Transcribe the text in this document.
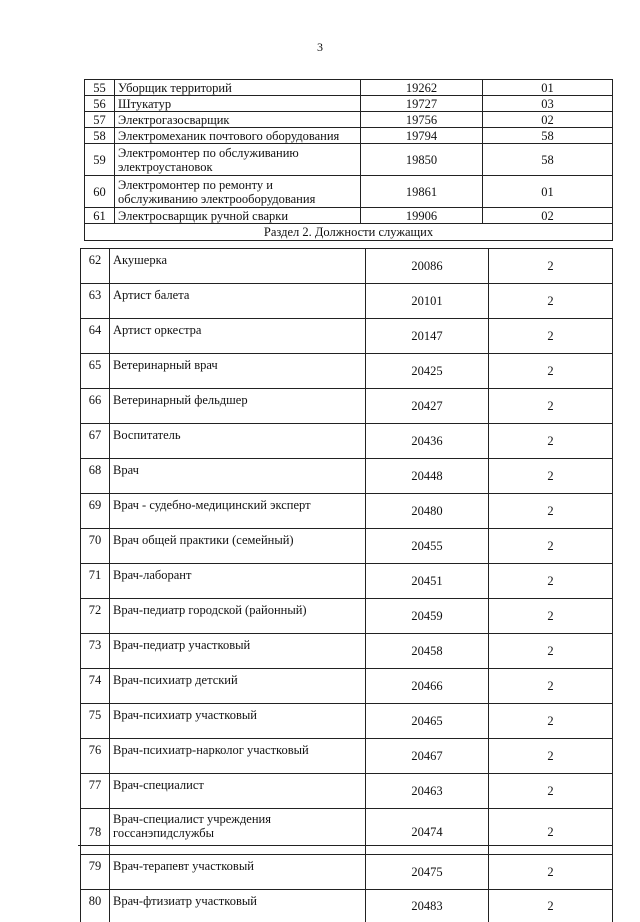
3
55	Уборщик территорий	19262	01
56	Штукатур	19727	03
57	Электрогазосварщик	19756	02
58	Электромеханик почтового оборудования	19794	58
59	Электромонтер по обслуживанию
электроустановок	19850	58
60	Электромонтер по ремонту и
обслуживанию электрооборудования	19861	01
61	Электросварщик ручной сварки	19906	02
Раздел 2. Должности служащих			
62	Акушерка	20086	2
63	Артист балета	20101	2
64	Артист оркестра	20147	2
65	Ветеринарный врач	20425	2
66	Ветеринарный фельдшер	20427	2
67	Воспитатель	20436	2
68	Врач	20448	2
69	Врач - судебно-медицинский эксперт	20480	2
70	Врач общей практики (семейный)	20455	2
71	Врач-лаборант	20451	2
72	Врач-педиатр городской (районный)	20459	2
73	Врач-педиатр участковый	20458	2
74	Врач-психиатр детский	20466	2
75	Врач-психиатр участковый	20465	2
76	Врач-психиатр-нарколог участковый	20467	2
77	Врач-специалист	20463	2
78	Врач-специалист учреждения
госсанэпидслужбы	20474	2
79	Врач-терапевт участковый	20475	2
80	Врач-фтизиатр участковый	20483	2
